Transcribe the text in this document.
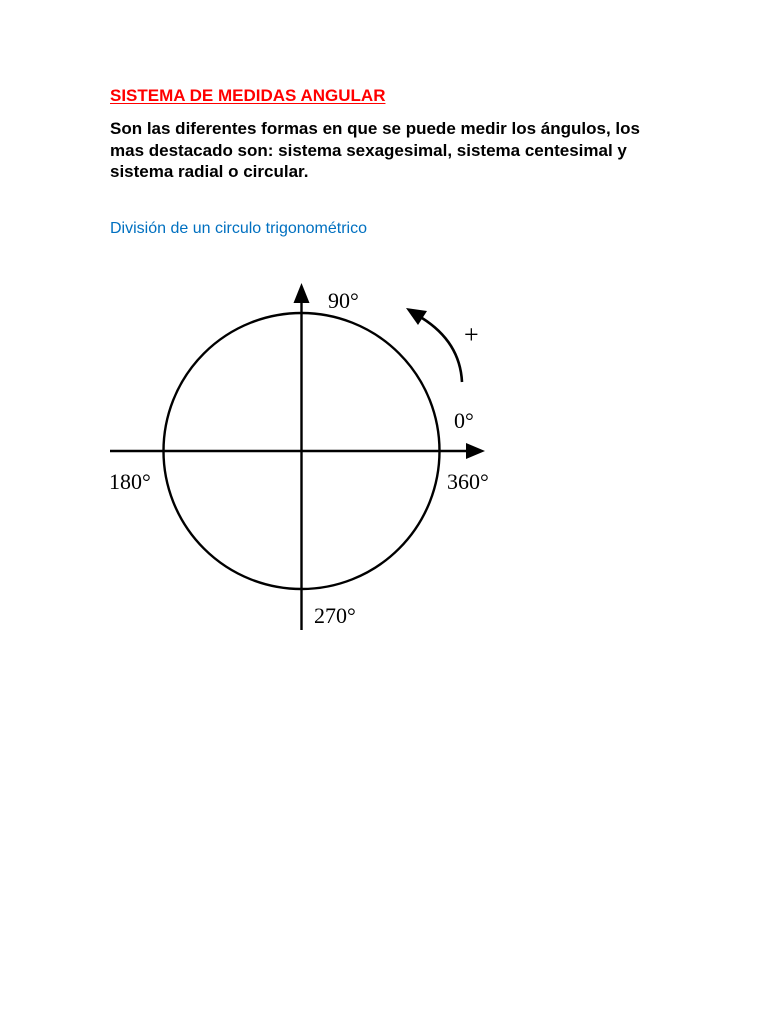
SISTEMA DE MEDIDAS ANGULAR

Son las diferentes formas en que se puede medir los ángulos, los
mas destacado son: sistema sexagesimal, sistema centesimal y
sistema radial o circular.

División de un circulo trigonométrico
90°
+
0°
180°	360°
270°
